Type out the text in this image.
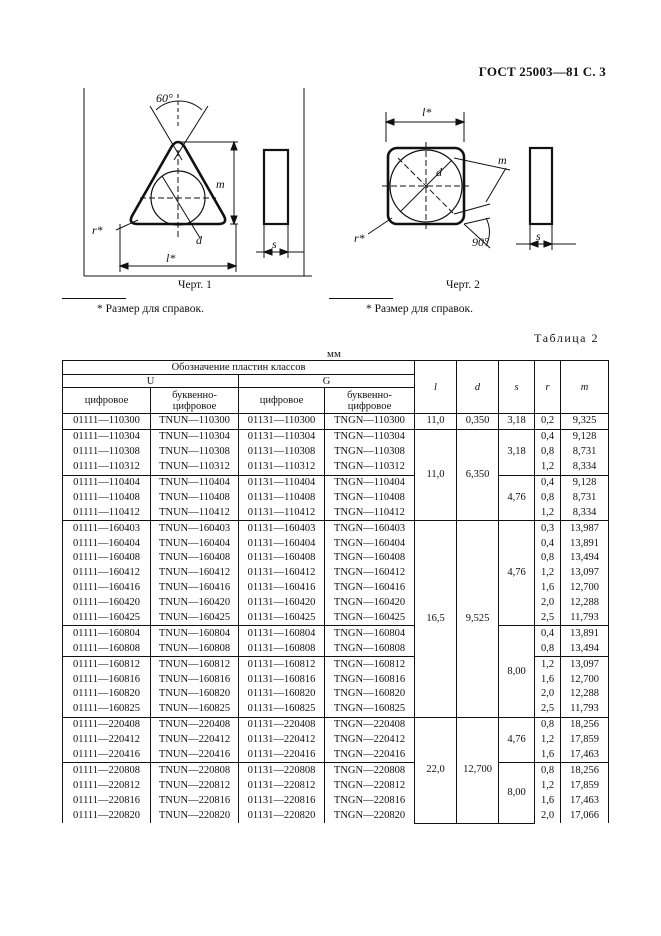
ГОСТ 25003—81 С. 3
60°
m
r*
d
l*
s
Черт. 1
l*
d
m
r*	90°	s
Черт. 2
* Размер для справок.	* Размер для справок.
Таблица 2
мм
Обозначение пластин классов				l	d	s	r	m
U		G						
цифровое	буквенно-цифровое	цифровое	буквенно-цифровое					
01111—110300	TNUN—110300	01131—110300	TNGN—110300	11,0	0,350	3,18	0,2	9,325
01111—110304	TNUN—110304	01131—110304	TNGN—110304	11,0	6,350	3,18	0,4	9,128
01111—110308	TNUN—110308	01131—110308	TNGN—110308				0,8	8,731
01111—110312	TNUN—110312	01131—110312	TNGN—110312				1,2	8,334
01111—110404	TNUN—110404	01131—110404	TNGN—110404			4,76	0,4	9,128
01111—110408	TNUN—110408	01131—110408	TNGN—110408				0,8	8,731
01111—110412	TNUN—110412	01131—110412	TNGN—110412				1,2	8,334
01111—160403	TNUN—160403	01131—160403	TNGN—160403	16,5	9,525	4,76	0,3	13,987
01111—160404	TNUN—160404	01131—160404	TNGN—160404				0,4	13,891
01111—160408	TNUN—160408	01131—160408	TNGN—160408				0,8	13,494
01111—160412	TNUN—160412	01131—160412	TNGN—160412				1,2	13,097
01111—160416	TNUN—160416	01131—160416	TNGN—160416				1,6	12,700
01111—160420	TNUN—160420	01131—160420	TNGN—160420				2,0	12,288
01111—160425	TNUN—160425	01131—160425	TNGN—160425				2,5	11,793
01111—160804	TNUN—160804	01131—160804	TNGN—160804			8,00	0,4	13,891
01111—160808	TNUN—160808	01131—160808	TNGN—160808				0,8	13,494
01111—160812	TNUN—160812	01131—160812	TNGN—160812				1,2	13,097
01111—160816	TNUN—160816	01131—160816	TNGN—160816				1,6	12,700
01111—160820	TNUN—160820	01131—160820	TNGN—160820				2,0	12,288
01111—160825	TNUN—160825	01131—160825	TNGN—160825				2,5	11,793
01111—220408	TNUN—220408	01131—220408	TNGN—220408	22,0	12,700	4,76	0,8	18,256
01111—220412	TNUN—220412	01131—220412	TNGN—220412				1,2	17,859
01111—220416	TNUN—220416	01131—220416	TNGN—220416				1,6	17,463
01111—220808	TNUN—220808	01131—220808	TNGN—220808			8,00	0,8	18,256
01111—220812	TNUN—220812	01131—220812	TNGN—220812				1,2	17,859
01111—220816	TNUN—220816	01131—220816	TNGN—220816				1,6	17,463
01111—220820	TNUN—220820	01131—220820	TNGN—220820				2,0	17,066
